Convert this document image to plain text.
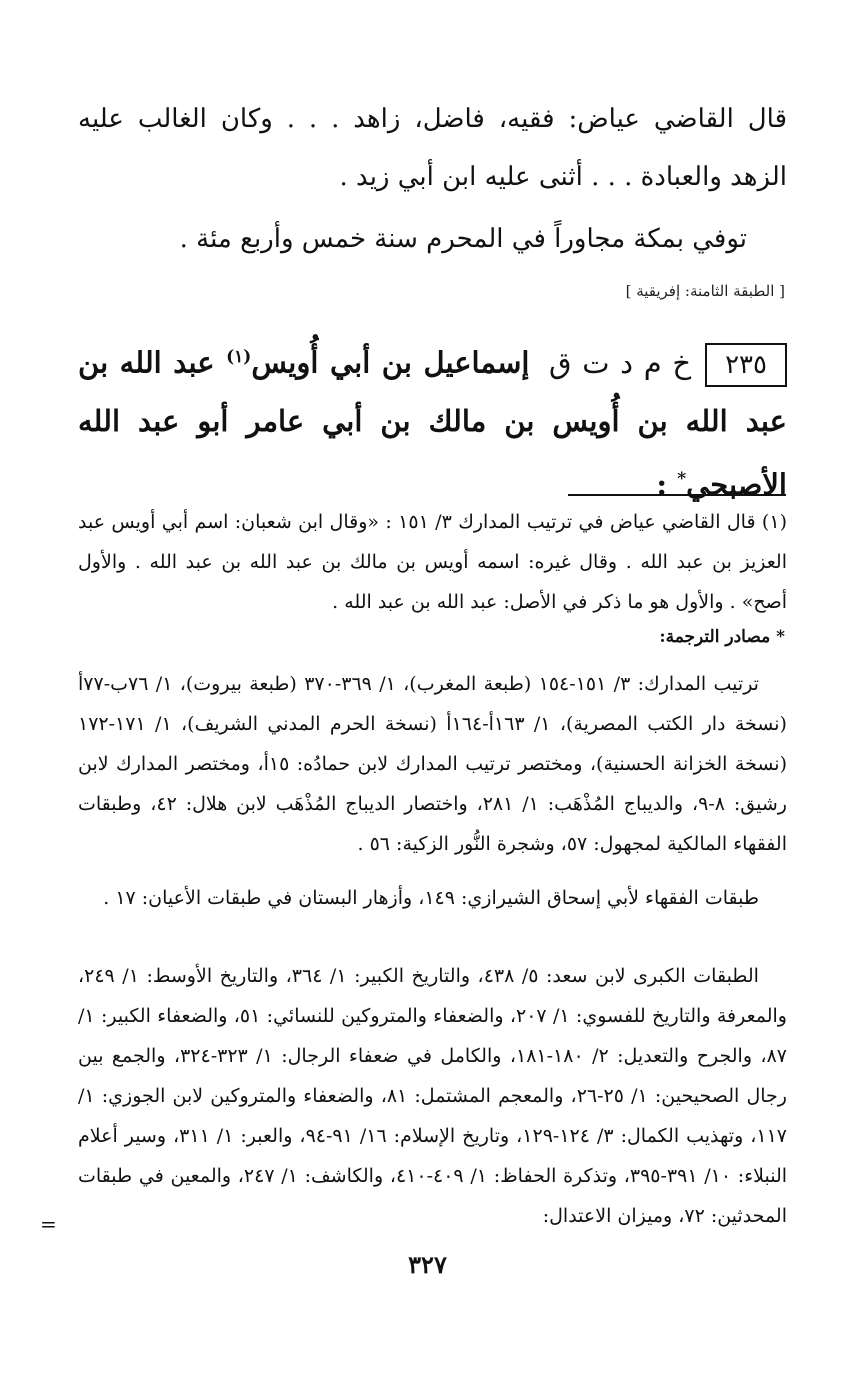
قال القاضي عياض: فقيه، فاضل، زاهد . . . وكان الغالب عليه الزهد والعبادة . . . أثنى عليه ابن أبي زيد .
توفي بمكة مجاوراً في المحرم سنة خمس وأربع مئة .
[ الطبقة الثامنة: إفريقية ]
٢٣٥خ م د ت ق إسماعيل بن أبي أُويس$^{(١)}$ عبد الله بن عبد الله بن أُويس بن مالك بن أبي عامر أبو عبد الله الأصبحي* :
(١) قال القاضي عياض في ترتيب المدارك ٣/ ١٥١ : «وقال ابن شعبان: اسم أبي أويس عبد العزيز بن عبد الله . وقال غيره: اسمه أويس بن مالك بن عبد الله بن عبد الله . والأول أصح» . والأول هو ما ذكر في الأصل: عبد الله بن عبد الله .
* مصادر الترجمة:

ترتيب المدارك: ٣/ ١٥١-١٥٤ (طبعة المغرب)، ١/ ٣٦٩-٣٧٠ (طبعة بيروت)، ١/ ٧٦ب-٧٧أ (نسخة دار الكتب المصرية)، ١/ ١٦٣أ-١٦٤أ (نسخة الحرم المدني الشريف)، ١/ ١٧١-١٧٢ (نسخة الخزانة الحسنية)، ومختصر ترتيب المدارك لابن حمادُه: ١٥أ، ومختصر المدارك لابن رشيق: ٨-٩، والديباج المُذْهَب: ١/ ٢٨١، واختصار الديباج المُذْهَب لابن هلال: ٤٢، وطبقات الفقهاء المالكية لمجهول: ٥٧، وشجرة النُّور الزكية: ٥٦ .

طبقات الفقهاء لأبي إسحاق الشيرازي: ١٤٩، وأزهار البستان في طبقات الأعيان: ١٧ .

الطبقات الكبرى لابن سعد: ٥/ ٤٣٨، والتاريخ الكبير: ١/ ٣٦٤، والتاريخ الأوسط: ١/ ٢٤٩، والمعرفة والتاريخ للفسوي: ١/ ٢٠٧، والضعفاء والمتروكين للنسائي: ٥١، والضعفاء الكبير: ١/ ٨٧، والجرح والتعديل: ٢/ ١٨٠-١٨١، والكامل في ضعفاء الرجال: ١/ ٣٢٣-٣٢٤، والجمع بين رجال الصحيحين: ١/ ٢٥-٢٦، والمعجم المشتمل: ٨١، والضعفاء والمتروكين لابن الجوزي: ١/ ١١٧، وتهذيب الكمال: ٣/ ١٢٤-١٢٩، وتاريخ الإسلام: ١٦/ ٩١-٩٤، والعبر: ١/ ٣١١، وسير أعلام النبلاء: ١٠/ ٣٩١-٣٩٥، وتذكرة الحفاظ: ١/ ٤٠٩-٤١٠، والكاشف: ١/ ٢٤٧، والمعين في طبقات المحدثين: ٧٢، وميزان الاعتدال:

=
٣٢٧
